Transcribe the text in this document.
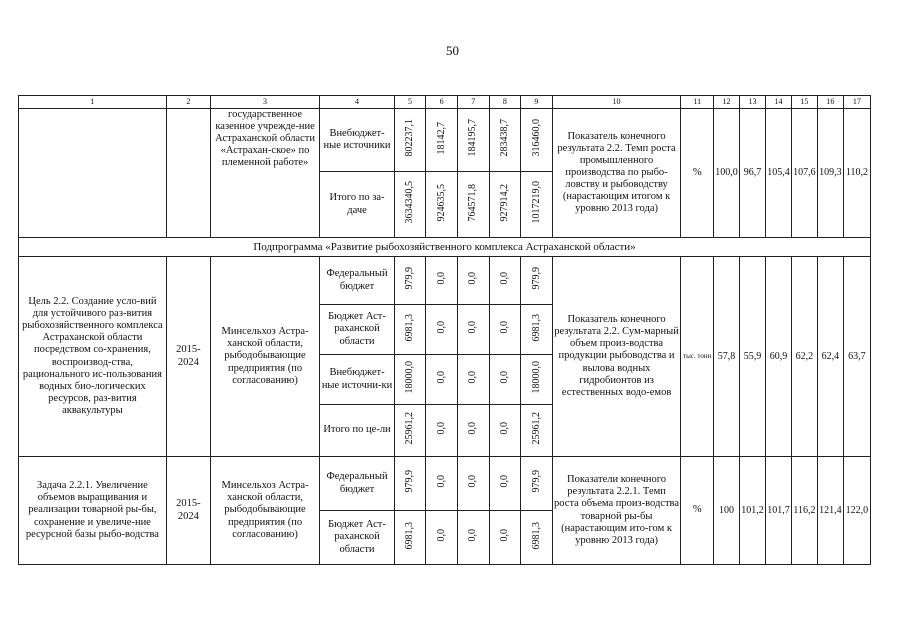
50
1	2	3	4	5	6	7	8	9	10	11	12	13	14	15	16	17
		государственное казенное учрежде-ние Астраханской области «Астрахан-ское» по племенной работе»	Внебюджет-ные источники	802237,1	18142,7	184195,7	283438,7	316460,0	Показатель конечного результата 2.2. Темп роста промышленного производства по рыбо-ловству и рыбоводству (нарастающим итогом к уровню 2013 года)	%	100,0	96,7	105,4	107,6	109,3	110,2
			Итого по за-даче	3634340,5	924635,5	764571,8	927914,2	1017219,0								
Подпрограмма «Развитие рыбохозяйственного комплекса Астраханской области»																
Цель 2.2. Создание усло-вий для устойчивого раз-вития рыбохозяйственного комплекса Астраханской области посредством со-хранения, воспроизвод-ства, рационального ис-пользования водных био-логических ресурсов, раз-вития аквакультуры	2015-2024	Минсельхоз Астра-ханской области, рыбодобывающие предприятия (по согласованию)	Федеральный бюджет	979,9	0,0	0,0	0,0	979,9	Показатель конечного результата 2.2. Сум-марный объем произ-водства продукции рыбоводства и вылова водных гидробионтов из естественных водо-емов	тыс. тонн	57,8	55,9	60,9	62,2	62,4	63,7
			Бюджет Аст-раханской области	6981,3	0,0	0,0	0,0	6981,3								
			Внебюджет-ные источни-ки	18000,0	0,0	0,0	0,0	18000,0								
			Итого по це-ли	25961,2	0,0	0,0	0,0	25961,2								
Задача 2.2.1. Увеличение объемов выращивания и реализации товарной ры-бы, сохранение и увеличе-ние ресурсной базы рыбо-водства	2015-2024	Минсельхоз Астра-ханской области, рыбодобывающие предприятия (по согласованию)	Федеральный бюджет	979,9	0,0	0,0	0,0	979,9	Показатели конечного результата 2.2.1. Темп роста объема произ-водства товарной ры-бы (нарастающим ито-гом к уровню 2013 года)	%	100	101,2	101,7	116,2	121,4	122,0
			Бюджет Аст-раханской области	6981,3	0,0	0,0	0,0	6981,3								
